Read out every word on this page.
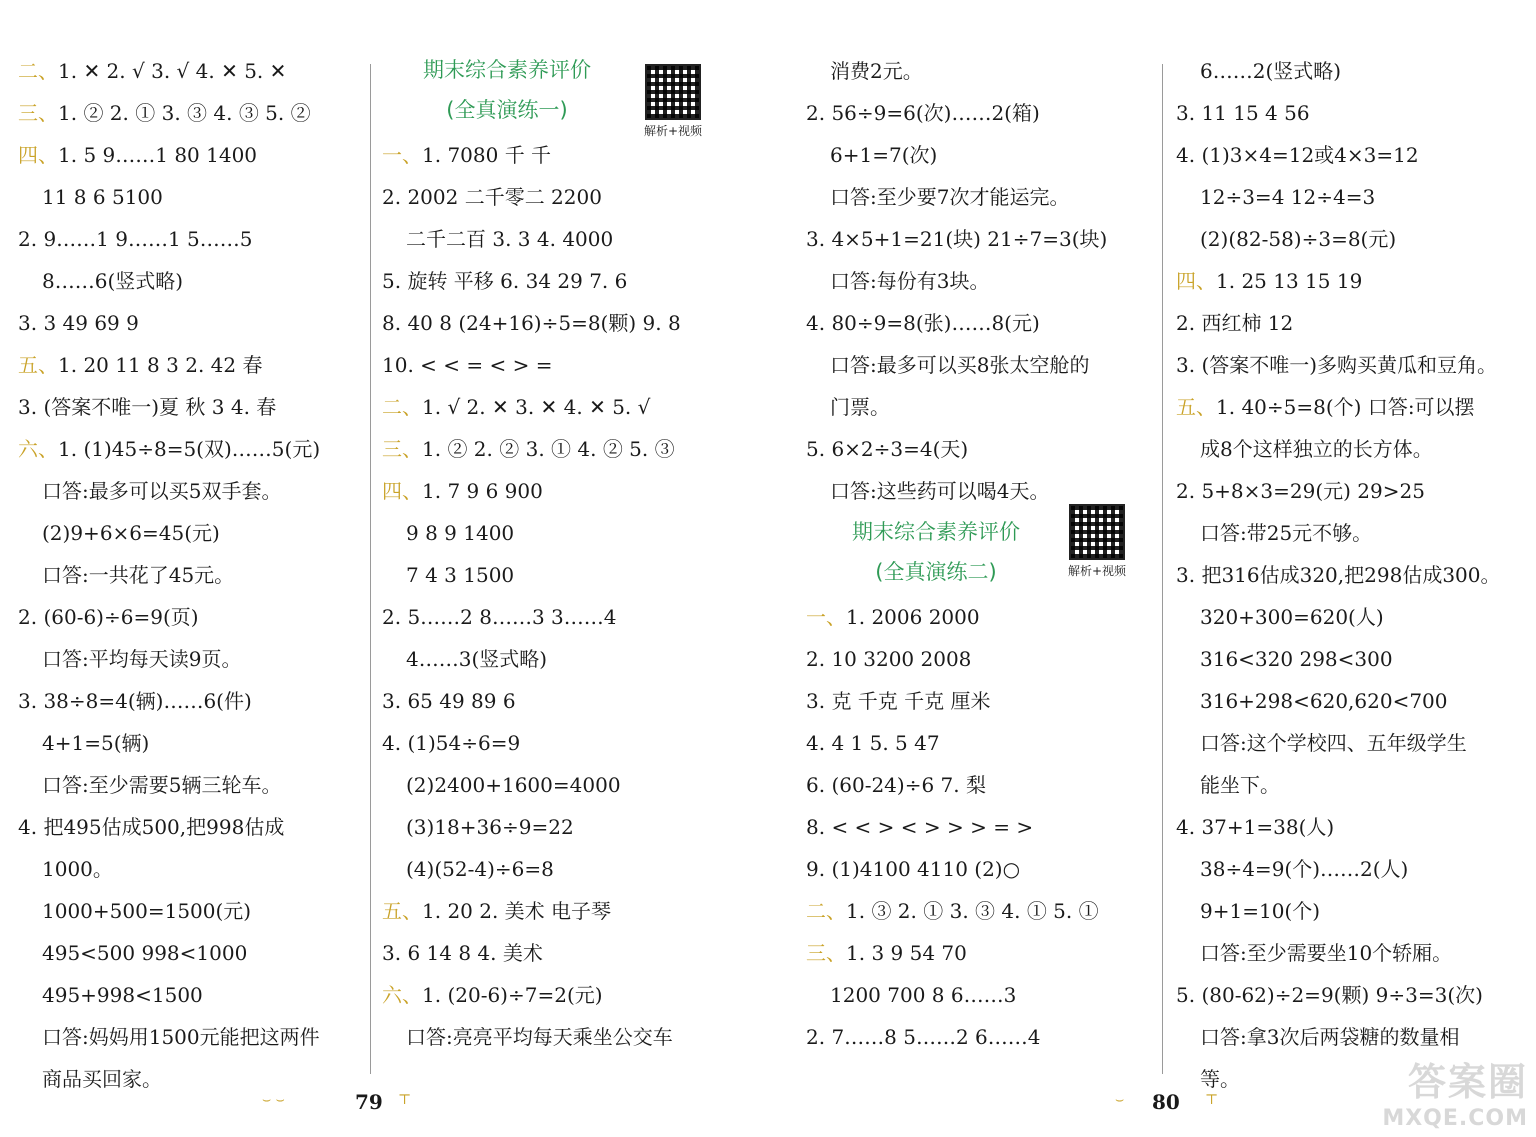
二、1. ✕ 2. √ 3. √ 4. ✕ 5. ✕
三、1. ② 2. ① 3. ③ 4. ③ 5. ②
四、1. 5 9……1 80 1400
11 8 6 5100
2. 9……1 9……1 5……5
8……6(竖式略)
3. 3 49 69 9
五、1. 20 11 8 3 2. 42 春
3. (答案不唯一)夏 秋 3 4. 春
六、1. (1)45÷8=5(双)……5(元)
口答:最多可以买5双手套。
(2)9+6×6=45(元)
口答:一共花了45元。
2. (60-6)÷6=9(页)
口答:平均每天读9页。
3. 38÷8=4(辆)……6(件)
4+1=5(辆)
口答:至少需要5辆三轮车。
4. 把495估成500,把998估成
1000。
1000+500=1500(元)
495<500 998<1000
495+998<1500
口答:妈妈用1500元能把这两件
商品买回家。
期末综合素养评价
(全真演练一)
解析+视频
一、1. 7080 千 千
2. 2002 二千零二 2200
二千二百 3. 3 4. 4000
5. 旋转 平移 6. 34 29 7. 6
8. 40 8 (24+16)÷5=8(颗) 9. 8
10. < < = < > =
二、1. √ 2. ✕ 3. ✕ 4. ✕ 5. √
三、1. ② 2. ② 3. ① 4. ② 5. ③
四、1. 7 9 6 900
9 8 9 1400
7 4 3 1500
2. 5……2 8……3 3……4
4……3(竖式略)
3. 65 49 89 6
4. (1)54÷6=9
(2)2400+1600=4000
(3)18+36÷9=22
(4)(52-4)÷6=8
五、1. 20 2. 美术 电子琴
3. 6 14 8 4. 美术
六、1. (20-6)÷7=2(元)
口答:亮亮平均每天乘坐公交车
消费2元。
2. 56÷9=6(次)……2(箱)
6+1=7(次)
口答:至少要7次才能运完。
3. 4×5+1=21(块) 21÷7=3(块)
口答:每份有3块。
4. 80÷9=8(张)……8(元)
口答:最多可以买8张太空舱的
门票。
5. 6×2÷3=4(天)
口答:这些药可以喝4天。
期末综合素养评价
(全真演练二)	解析+视频
一、1. 2006 2000
2. 10 3200 2008
3. 克 千克 千克 厘米
4. 4 1 5. 5 47
6. (60-24)÷6 7. 梨
8. < < > < > > > = >
9. (1)4100 4110 (2)○
二、1. ③ 2. ① 3. ③ 4. ① 5. ①
三、1. 3 9 54 70
1200 700 8 6……3
2. 7……8 5……2 6……4
6……2(竖式略)
3. 11 15 4 56
4. (1)3×4=12或4×3=12
12÷3=4 12÷4=3
(2)(82-58)÷3=8(元)
四、1. 25 13 15 19
2. 西红柿 12
3. (答案不唯一)多购买黄瓜和豆角。
五、1. 40÷5=8(个) 口答:可以摆
成8个这样独立的长方体。
2. 5+8×3=29(元) 29>25
口答:带25元不够。
3. 把316估成320,把298估成300。
320+300=620(人)
316<320 298<300
316+298<620,620<700
口答:这个学校四、五年级学生
能坐下。
4. 37+1=38(人)
38÷4=9(个)……2(人)
9+1=10(个)
口答:至少需要坐10个轿厢。
5. (80-62)÷2=9(颗) 9÷3=3(次)
口答:拿3次后两袋糖的数量相
等。
⌣ ⌣	79 ⊤	⌣ 80 ⊤	答案圈
MXQE.COM
